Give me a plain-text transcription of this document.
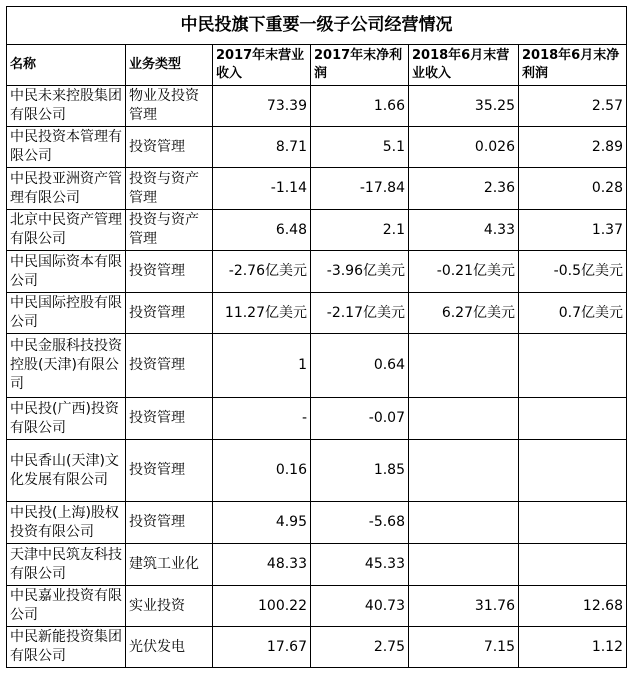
中民投旗下重要一级子公司经营情况					
名称	业务类型	2017年末营业收入	2017年末净利润	2018年6月末营业收入	2018年6月末净利润
中民未来控股集团有限公司	物业及投资管理	73.39	1.66	35.25	2.57
中民投资本管理有限公司	投资管理	8.71	5.1	0.026	2.89
中民投亚洲资产管理有限公司	投资与资产管理	-1.14	-17.84	2.36	0.28
北京中民资产管理有限公司	投资与资产管理	6.48	2.1	4.33	1.37
中民国际资本有限公司	投资管理	-2.76亿美元	-3.96亿美元	-0.21亿美元	-0.5亿美元
中民国际控股有限公司	投资管理	11.27亿美元	-2.17亿美元	6.27亿美元	0.7亿美元
中民金服科技投资控股(天津)有限公司	投资管理	1	0.64		
中民投(广西)投资有限公司	投资管理	-	-0.07		
中民香山(天津)文化发展有限公司	投资管理	0.16	1.85		
中民投(上海)股权投资有限公司	投资管理	4.95	-5.68		
天津中民筑友科技有限公司	建筑工业化	48.33	45.33		
中民嘉业投资有限公司	实业投资	100.22	40.73	31.76	12.68
中民新能投资集团有限公司	光伏发电	17.67	2.75	7.15	1.12
